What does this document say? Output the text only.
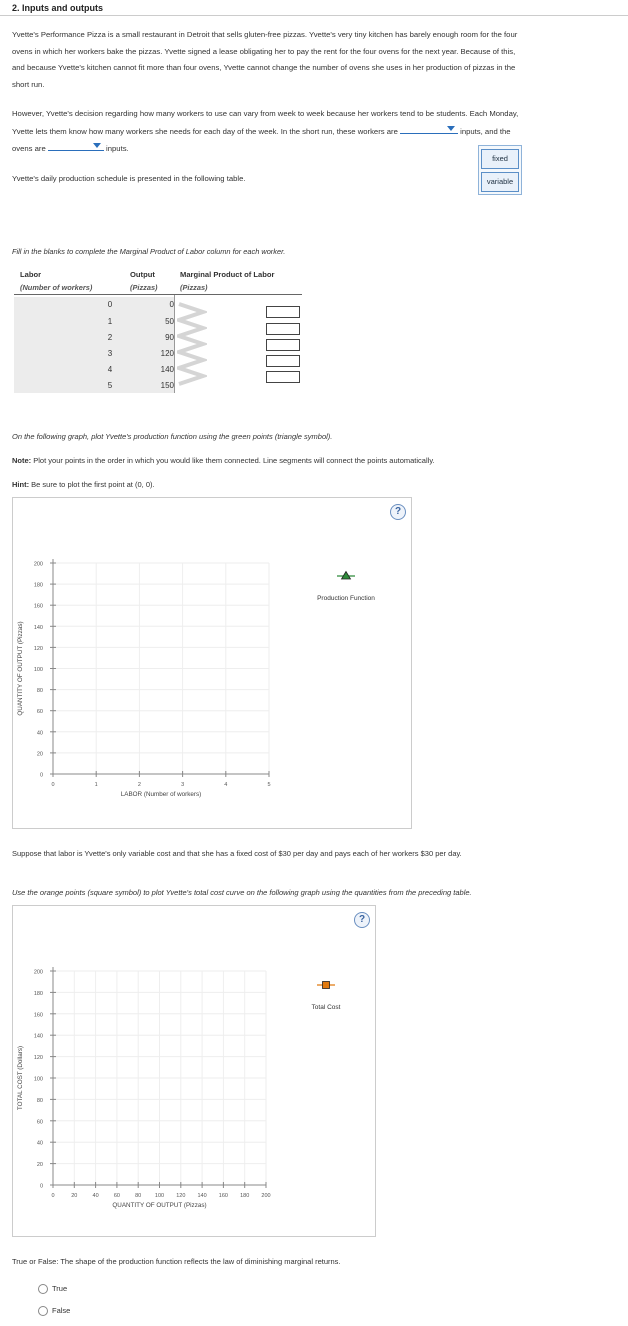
2. Inputs and outputs
Yvette's Performance Pizza is a small restaurant in Detroit that sells gluten-free pizzas. Yvette's very tiny kitchen has barely enough room for the four
ovens in which her workers bake the pizzas. Yvette signed a lease obligating her to pay the rent for the four ovens for the next year. Because of this,
and because Yvette's kitchen cannot fit more than four ovens, Yvette cannot change the number of ovens she uses in her production of pizzas in the
short run.
However, Yvette's decision regarding how many workers to use can vary from week to week because her workers tend to be students. Each Monday,
Yvette lets them know how many workers she needs for each day of the week. In the short run, these workers are	inputs, and the
ovens are	inputs.
fixed
variable
Yvette's daily production schedule is presented in the following table.
Fill in the blanks to complete the Marginal Product of Labor column for each worker.
Labor	Output	Marginal Product of Labor
(Number of workers)	(Pizzas)	(Pizzas)
0	0
1	50
2	90
3	120
4	140
5	150
On the following graph, plot Yvette's production function using the green points (triangle symbol).
Note: Plot your points in the order in which you would like them connected. Line segments will connect the points automatically.
Hint: Be sure to plot the first point at (0, 0).
?
0
20
40
60
80
100
120
140
160
180
200
0	1	2	3	4	5
LABOR (Number of workers)
QUANTITY OF OUTPUT (Pizzas)
Production Function
Suppose that labor is Yvette's only variable cost and that she has a fixed cost of $30 per day and pays each of her workers $30 per day.
Use the orange points (square symbol) to plot Yvette's total cost curve on the following graph using the quantities from the preceding table.
?
0
20
40
60
80
100
120
140
160
180
200
0	20	40	60	80 100 120 140 160 180 200
QUANTITY OF OUTPUT (Pizzas)
TOTAL COST (Dollars)
Total Cost
True or False: The shape of the production function reflects the law of diminishing marginal returns.
True
False
